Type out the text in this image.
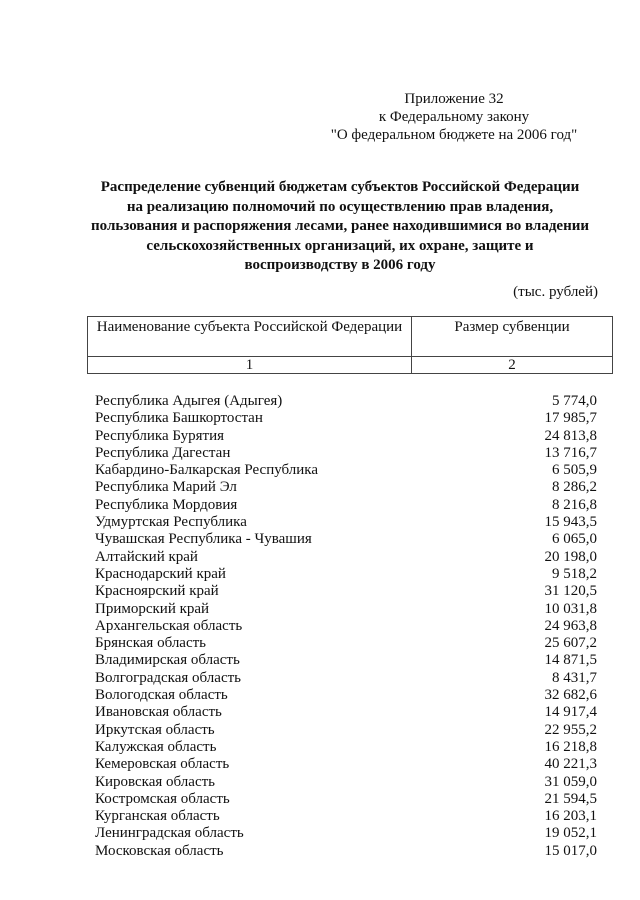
Приложение 32
к Федеральному закону
"О федеральном бюджете на 2006 год"
Распределение субвенций бюджетам субъектов Российской Федерации
на реализацию полномочий по осуществлению прав владения,
пользования и распоряжения лесами, ранее находившимися во владении
сельскохозяйственных организаций, их охране, защите и
воспроизводству в 2006 году
(тыс. рублей)
Наименование субъекта Российской Федерации	Размер субвенции
1	2
Республика Адыгея (Адыгея)	5 774,0
Республика Башкортостан	17 985,7
Республика Бурятия	24 813,8
Республика Дагестан	13 716,7
Кабардино-Балкарская Республика	6 505,9
Республика Марий Эл	8 286,2
Республика Мордовия	8 216,8
Удмуртская Республика	15 943,5
Чувашская Республика - Чувашия	6 065,0
Алтайский край	20 198,0
Краснодарский край	9 518,2
Красноярский край	31 120,5
Приморский край	10 031,8
Архангельская область	24 963,8
Брянская область	25 607,2
Владимирская область	14 871,5
Волгоградская область	8 431,7
Вологодская область	32 682,6
Ивановская область	14 917,4
Иркутская область	22 955,2
Калужская область	16 218,8
Кемеровская область	40 221,3
Кировская область	31 059,0
Костромская область	21 594,5
Курганская область	16 203,1
Ленинградская область	19 052,1
Московская область	15 017,0
